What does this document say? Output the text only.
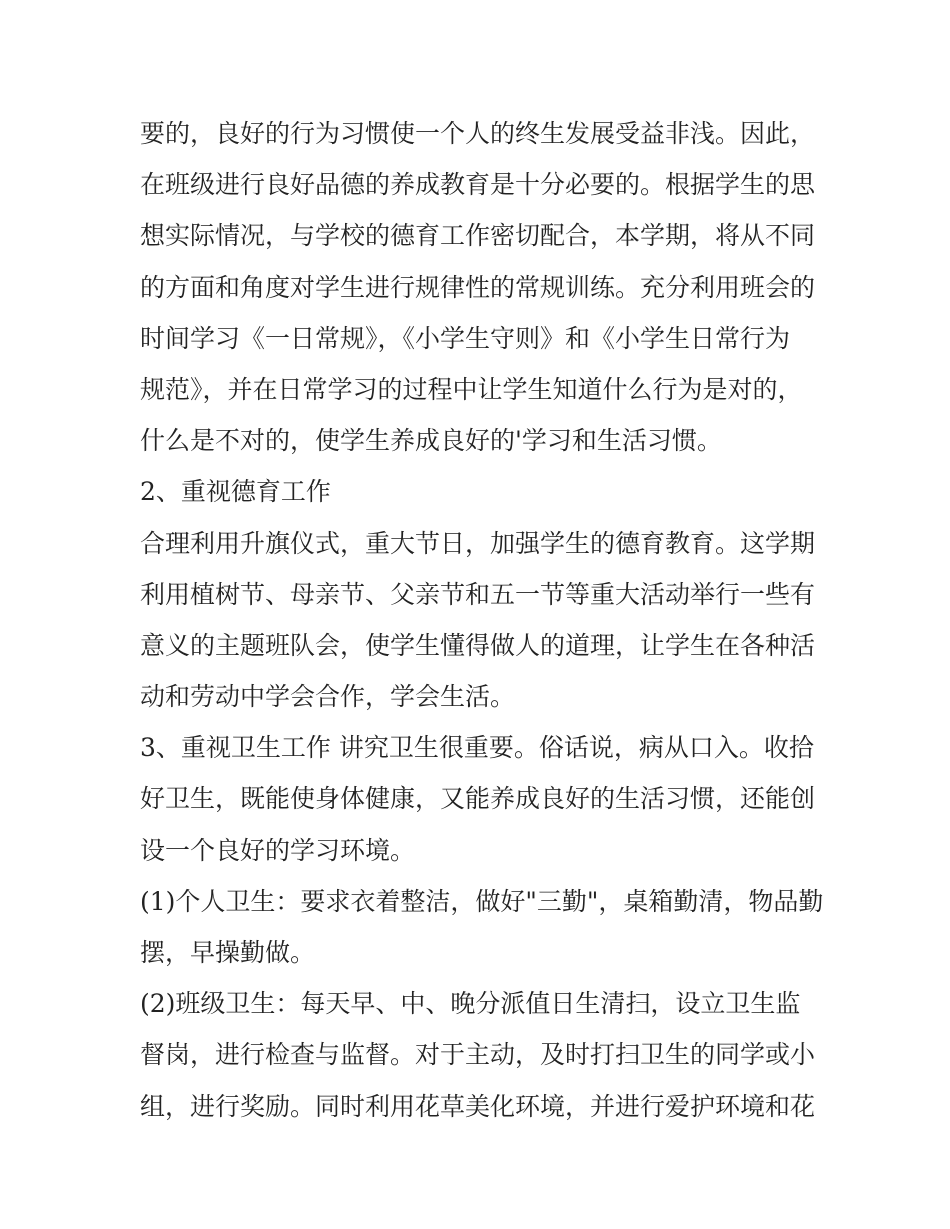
要的，良好的行为习惯使一个人的终生发展受益非浅。因此，
在班级进行良好品德的养成教育是十分必要的。根据学生的思
想实际情况，与学校的德育工作密切配合，本学期，将从不同
的方面和角度对学生进行规律性的常规训练。充分利用班会的
时间学习《一日常规》，《小学生守则》和《小学生日常行为
规范》，并在日常学习的过程中让学生知道什么行为是对的，
什么是不对的，使学生养成良好的'学习和生活习惯。
2、重视德育工作
合理利用升旗仪式，重大节日，加强学生的德育教育。这学期
利用植树节、母亲节、父亲节和五一节等重大活动举行一些有
意义的主题班队会，使学生懂得做人的道理，让学生在各种活
动和劳动中学会合作，学会生活。
3、重视卫生工作 讲究卫生很重要。俗话说，病从口入。收拾
好卫生，既能使身体健康，又能养成良好的生活习惯，还能创
设一个良好的学习环境。
(1)个人卫生：要求衣着整洁，做好"三勤"，桌箱勤清，物品勤
摆，早操勤做。
(2)班级卫生：每天早、中、晚分派值日生清扫，设立卫生监
督岗，进行检查与监督。对于主动，及时打扫卫生的同学或小
组，进行奖励。同时利用花草美化环境，并进行爱护环境和花
